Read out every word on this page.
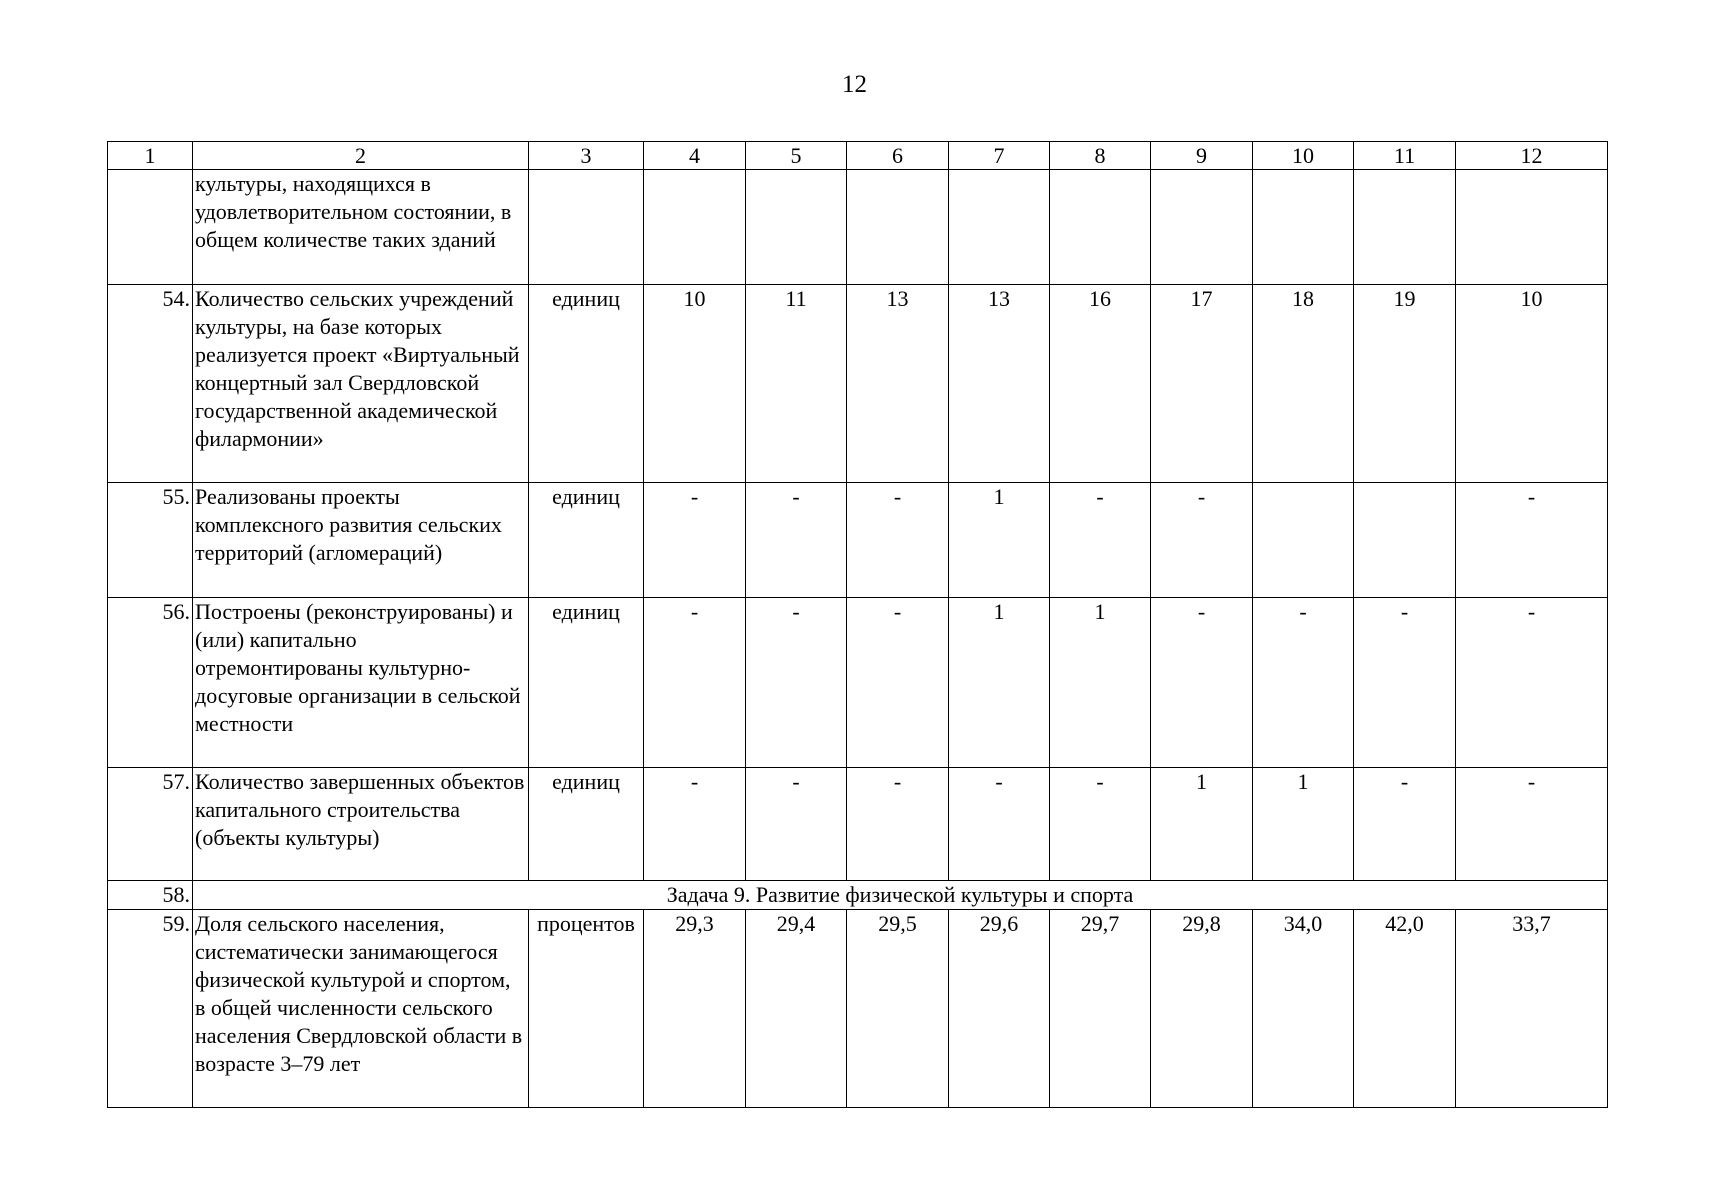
12
1	2	3	4	5	6	7	8	9	10	11	12
	культуры, находящихся в удовлетворительном состоянии, в общем количестве таких зданий										
54.	Количество сельских учреждений культуры, на базе которых реализуется проект «Виртуальный концертный зал Свердловской государственной академической филармонии»	единиц	10	11	13	13	16	17	18	19	10
55.	Реализованы проекты комплексного развития сельских территорий (агломераций)	единиц	-	-	-	1	-	-			-
56.	Построены (реконструированы) и (или) капитально отремонтированы культурно-досуговые организации в сельской местности	единиц	-	-	-	1	1	-	-	-	-
57.	Количество завершенных объектов капитального строительства (объекты культуры)	единиц	-	-	-	-	-	1	1	-	-
58.	Задача 9. Развитие физической культуры и спорта										
59.	Доля сельского населения, систематически занимающегося физической культурой и спортом, в общей численности сельского населения Свердловской области в возрасте 3–79 лет	процентов	29,3	29,4	29,5	29,6	29,7	29,8	34,0	42,0	33,7
